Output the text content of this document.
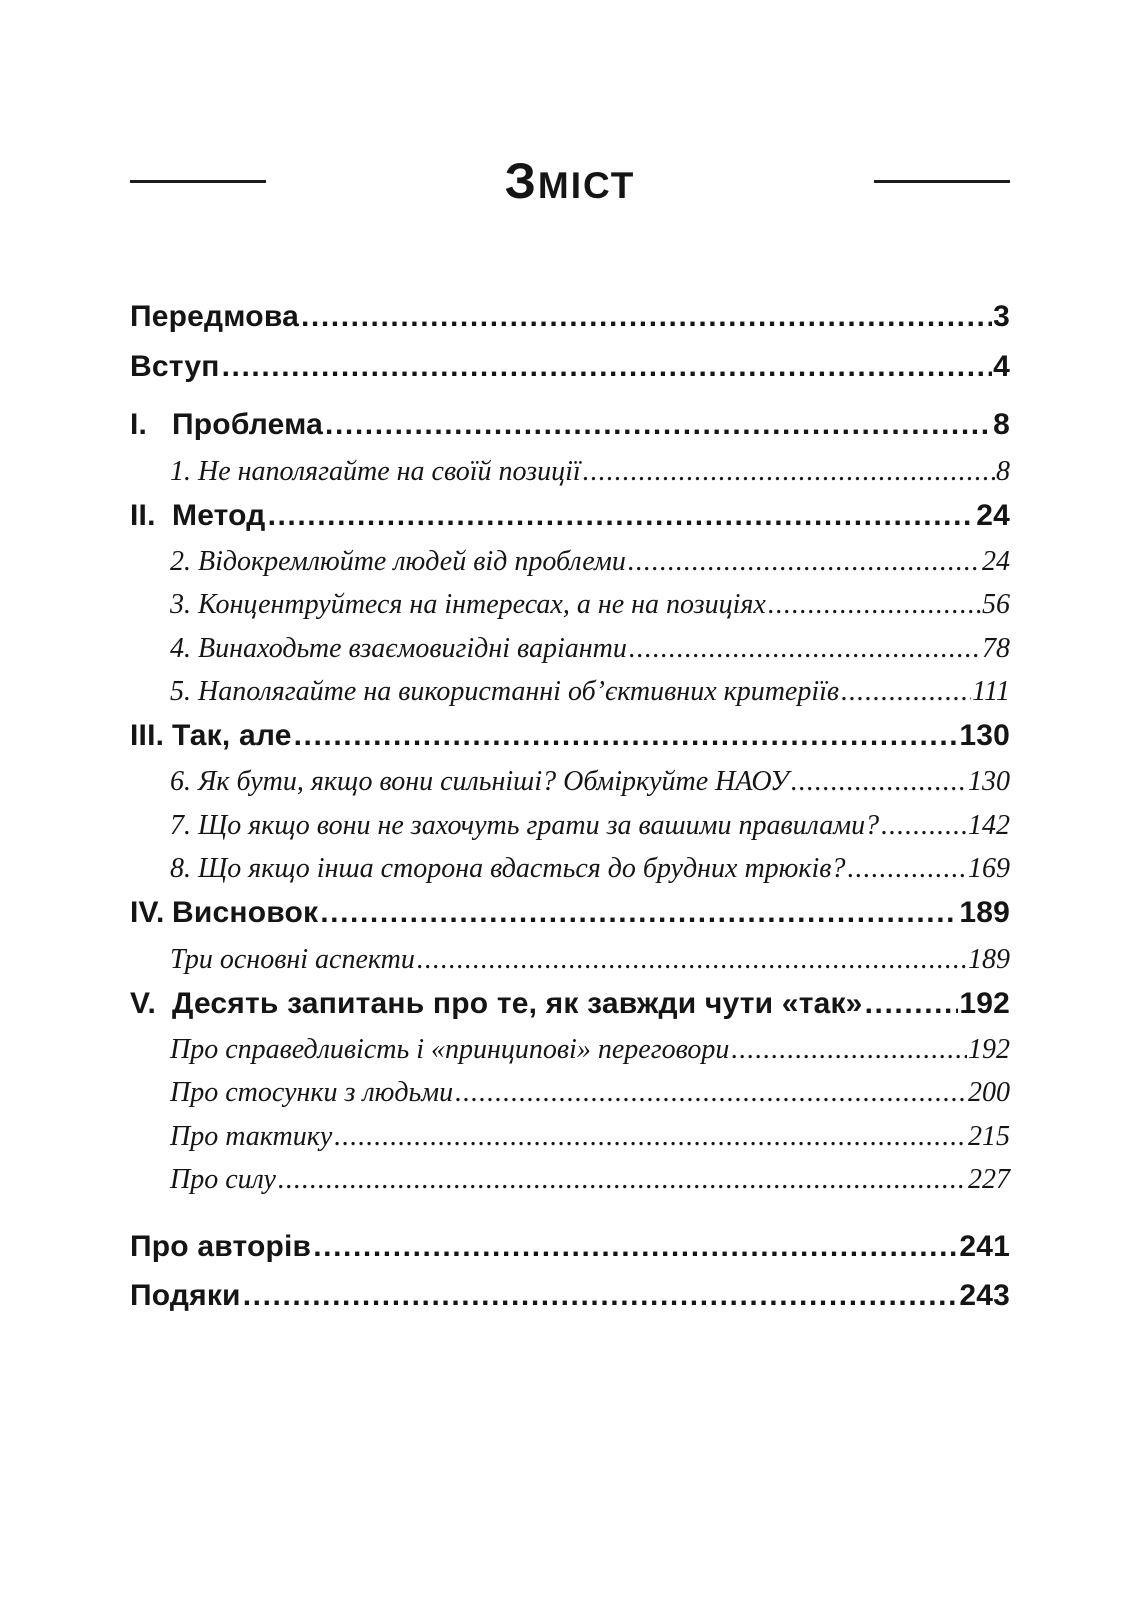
ЗМІСТ
Передмова .....	3
Вступ .....	4
I. Проблема .....	8
1. Не наполягайте на своїй позиції .....	8
II. Метод .....	24
2. Відокремлюйте людей від проблеми .....	24
3. Концентруйтеся на інтересах, а не на позиціях .....	56
4. Винаходьте взаємовигідні варіанти .....	78
5. Наполягайте на використанні об’єктивних критеріїв .....	111
III. Так, але .....	130
6. Як бути, якщо вони сильніші? Обміркуйте НАОУ .....	130
7. Що якщо вони не захочуть грати за вашими правилами? .....	142
8. Що якщо інша сторона вдасться до брудних трюків? .....	169
IV. Висновок .....	189
Три основні аспекти .....	189
V. Десять запитань про те, як завжди чути «так» .....	192
Про справедливість і «принципові» переговори .....	192
Про стосунки з людьми .....	200
Про тактику .....	215
Про силу .....	227
Про авторів .....	241
Подяки .....	243
